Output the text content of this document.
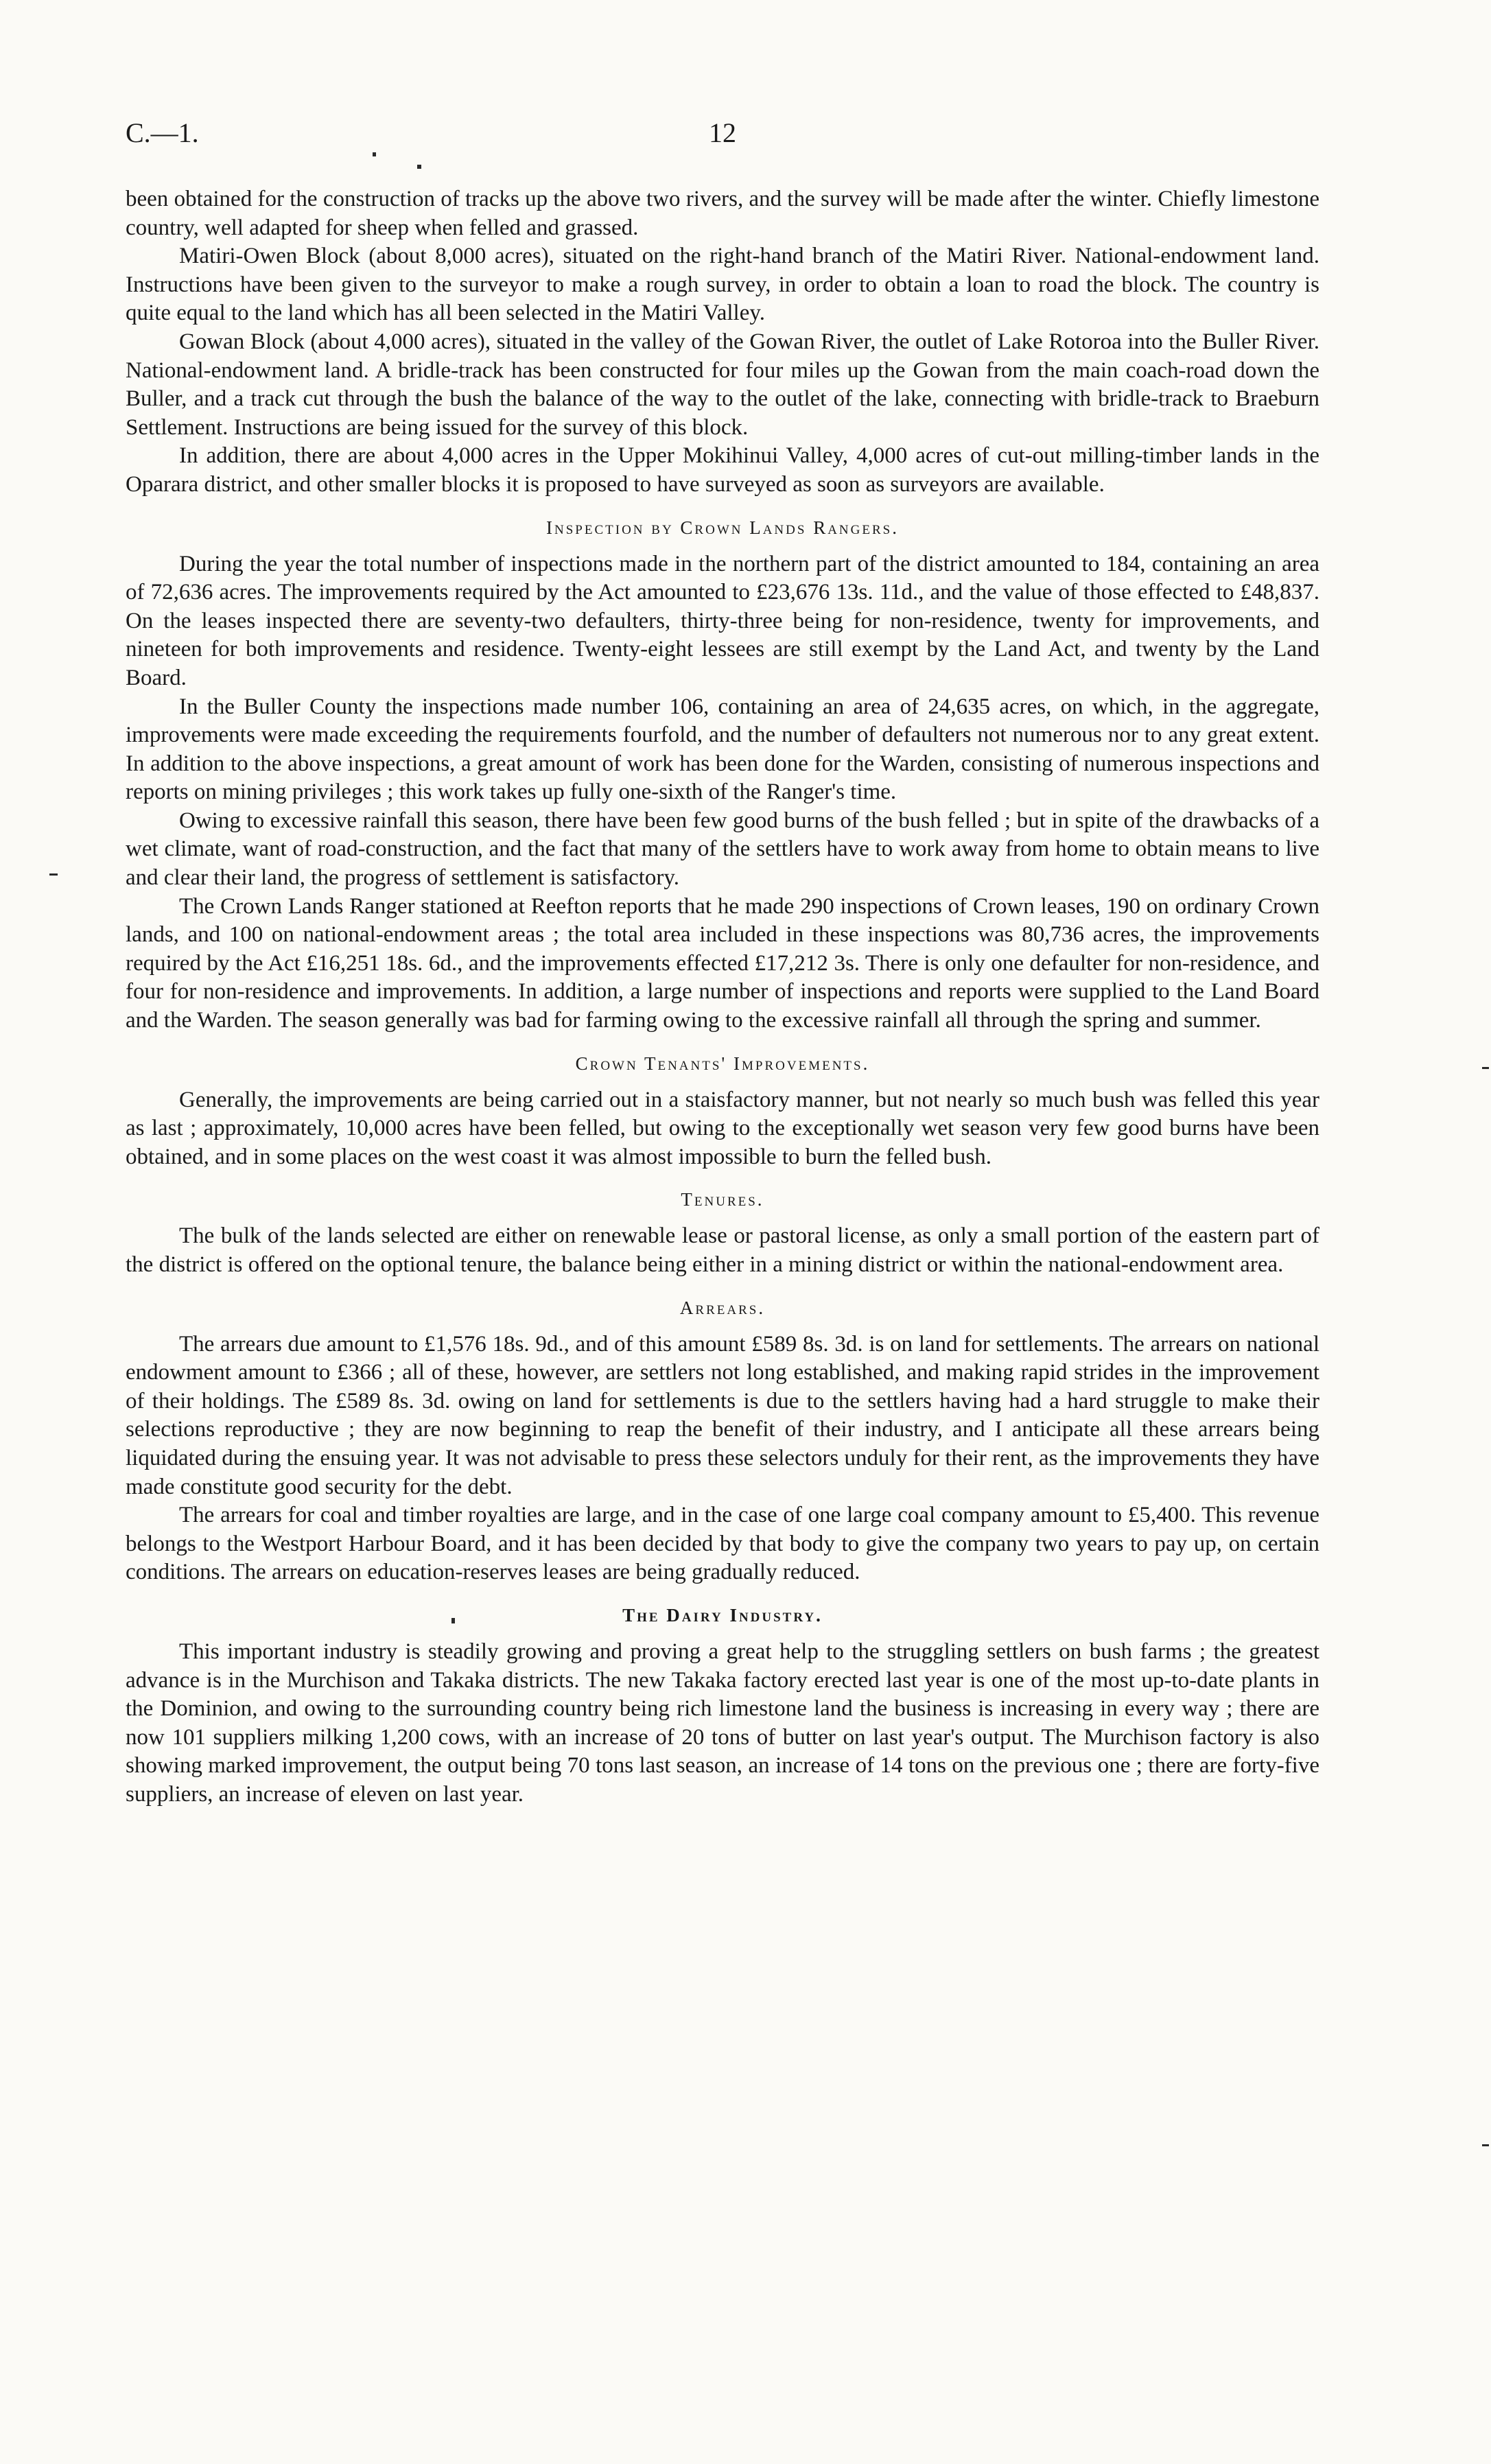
C.—1.	12

been obtained for the construction of tracks up the above two rivers, and the survey will be made after the winter. Chiefly limestone country, well adapted for sheep when felled and grassed.

Matiri-Owen Block (about 8,000 acres), situated on the right-hand branch of the Matiri River. National-endowment land. Instructions have been given to the surveyor to make a rough survey, in order to obtain a loan to road the block. The country is quite equal to the land which has all been selected in the Matiri Valley.

Gowan Block (about 4,000 acres), situated in the valley of the Gowan River, the outlet of Lake Rotoroa into the Buller River. National-endowment land. A bridle-track has been constructed for four miles up the Gowan from the main coach-road down the Buller, and a track cut through the bush the balance of the way to the outlet of the lake, connecting with bridle-track to Braeburn Settlement. Instructions are being issued for the survey of this block.

In addition, there are about 4,000 acres in the Upper Mokihinui Valley, 4,000 acres of cut-out milling-timber lands in the Oparara district, and other smaller blocks it is proposed to have surveyed as soon as surveyors are available.

Inspection by Crown Lands Rangers.

During the year the total number of inspections made in the northern part of the district amounted to 184, containing an area of 72,636 acres. The improvements required by the Act amounted to £23,676 13s. 11d., and the value of those effected to £48,837. On the leases inspected there are seventy-two defaulters, thirty-three being for non-residence, twenty for improvements, and nineteen for both improvements and residence. Twenty-eight lessees are still exempt by the Land Act, and twenty by the Land Board.

In the Buller County the inspections made number 106, containing an area of 24,635 acres, on which, in the aggregate, improvements were made exceeding the requirements fourfold, and the number of defaulters not numerous nor to any great extent. In addition to the above inspections, a great amount of work has been done for the Warden, consisting of numerous inspections and reports on mining privileges ; this work takes up fully one-sixth of the Ranger's time.

Owing to excessive rainfall this season, there have been few good burns of the bush felled ; but in spite of the drawbacks of a wet climate, want of road-construction, and the fact that many of the settlers have to work away from home to obtain means to live and clear their land, the progress of settlement is satisfactory.

The Crown Lands Ranger stationed at Reefton reports that he made 290 inspections of Crown leases, 190 on ordinary Crown lands, and 100 on national-endowment areas ; the total area included in these inspections was 80,736 acres, the improvements required by the Act £16,251 18s. 6d., and the improvements effected £17,212 3s. There is only one defaulter for non-residence, and four for non-residence and improvements. In addition, a large number of inspections and reports were supplied to the Land Board and the Warden. The season generally was bad for farming owing to the excessive rainfall all through the spring and summer.

Crown Tenants' Improvements.

Generally, the improvements are being carried out in a staisfactory manner, but not nearly so much bush was felled this year as last ; approximately, 10,000 acres have been felled, but owing to the exceptionally wet season very few good burns have been obtained, and in some places on the west coast it was almost impossible to burn the felled bush.

Tenures.

The bulk of the lands selected are either on renewable lease or pastoral license, as only a small portion of the eastern part of the district is offered on the optional tenure, the balance being either in a mining district or within the national-endowment area.

Arrears.

The arrears due amount to £1,576 18s. 9d., and of this amount £589 8s. 3d. is on land for settlements. The arrears on national endowment amount to £366 ; all of these, however, are settlers not long established, and making rapid strides in the improvement of their holdings. The £589 8s. 3d. owing on land for settlements is due to the settlers having had a hard struggle to make their selections reproductive ; they are now beginning to reap the benefit of their industry, and I anticipate all these arrears being liquidated during the ensuing year. It was not advisable to press these selectors unduly for their rent, as the improvements they have made constitute good security for the debt.

The arrears for coal and timber royalties are large, and in the case of one large coal company amount to £5,400. This revenue belongs to the Westport Harbour Board, and it has been decided by that body to give the company two years to pay up, on certain conditions. The arrears on education-reserves leases are being gradually reduced.

The Dairy Industry.

This important industry is steadily growing and proving a great help to the struggling settlers on bush farms ; the greatest advance is in the Murchison and Takaka districts. The new Takaka factory erected last year is one of the most up-to-date plants in the Dominion, and owing to the surrounding country being rich limestone land the business is increasing in every way ; there are now 101 suppliers milking 1,200 cows, with an increase of 20 tons of butter on last year's output. The Murchison factory is also showing marked improvement, the output being 70 tons last season, an increase of 14 tons on the previous one ; there are forty-five suppliers, an increase of eleven on last year.
